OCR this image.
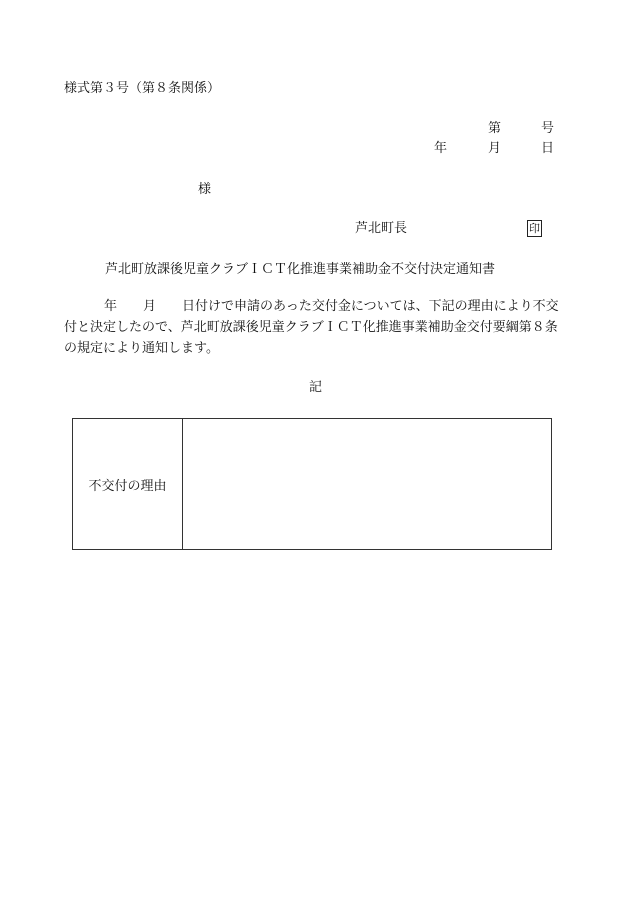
様式第３号（第８条関係）
第	号
年	月	日
様
芦北町長	印
芦北町放課後児童クラブＩＣＴ化推進事業補助金不交付決定通知書
年 月 日付けで申請のあった交付金については、下記の理由により不交
付と決定したので、芦北町放課後児童クラブＩＣＴ化推進事業補助金交付要綱第８条
の規定により通知します。
記
不交付の理由
